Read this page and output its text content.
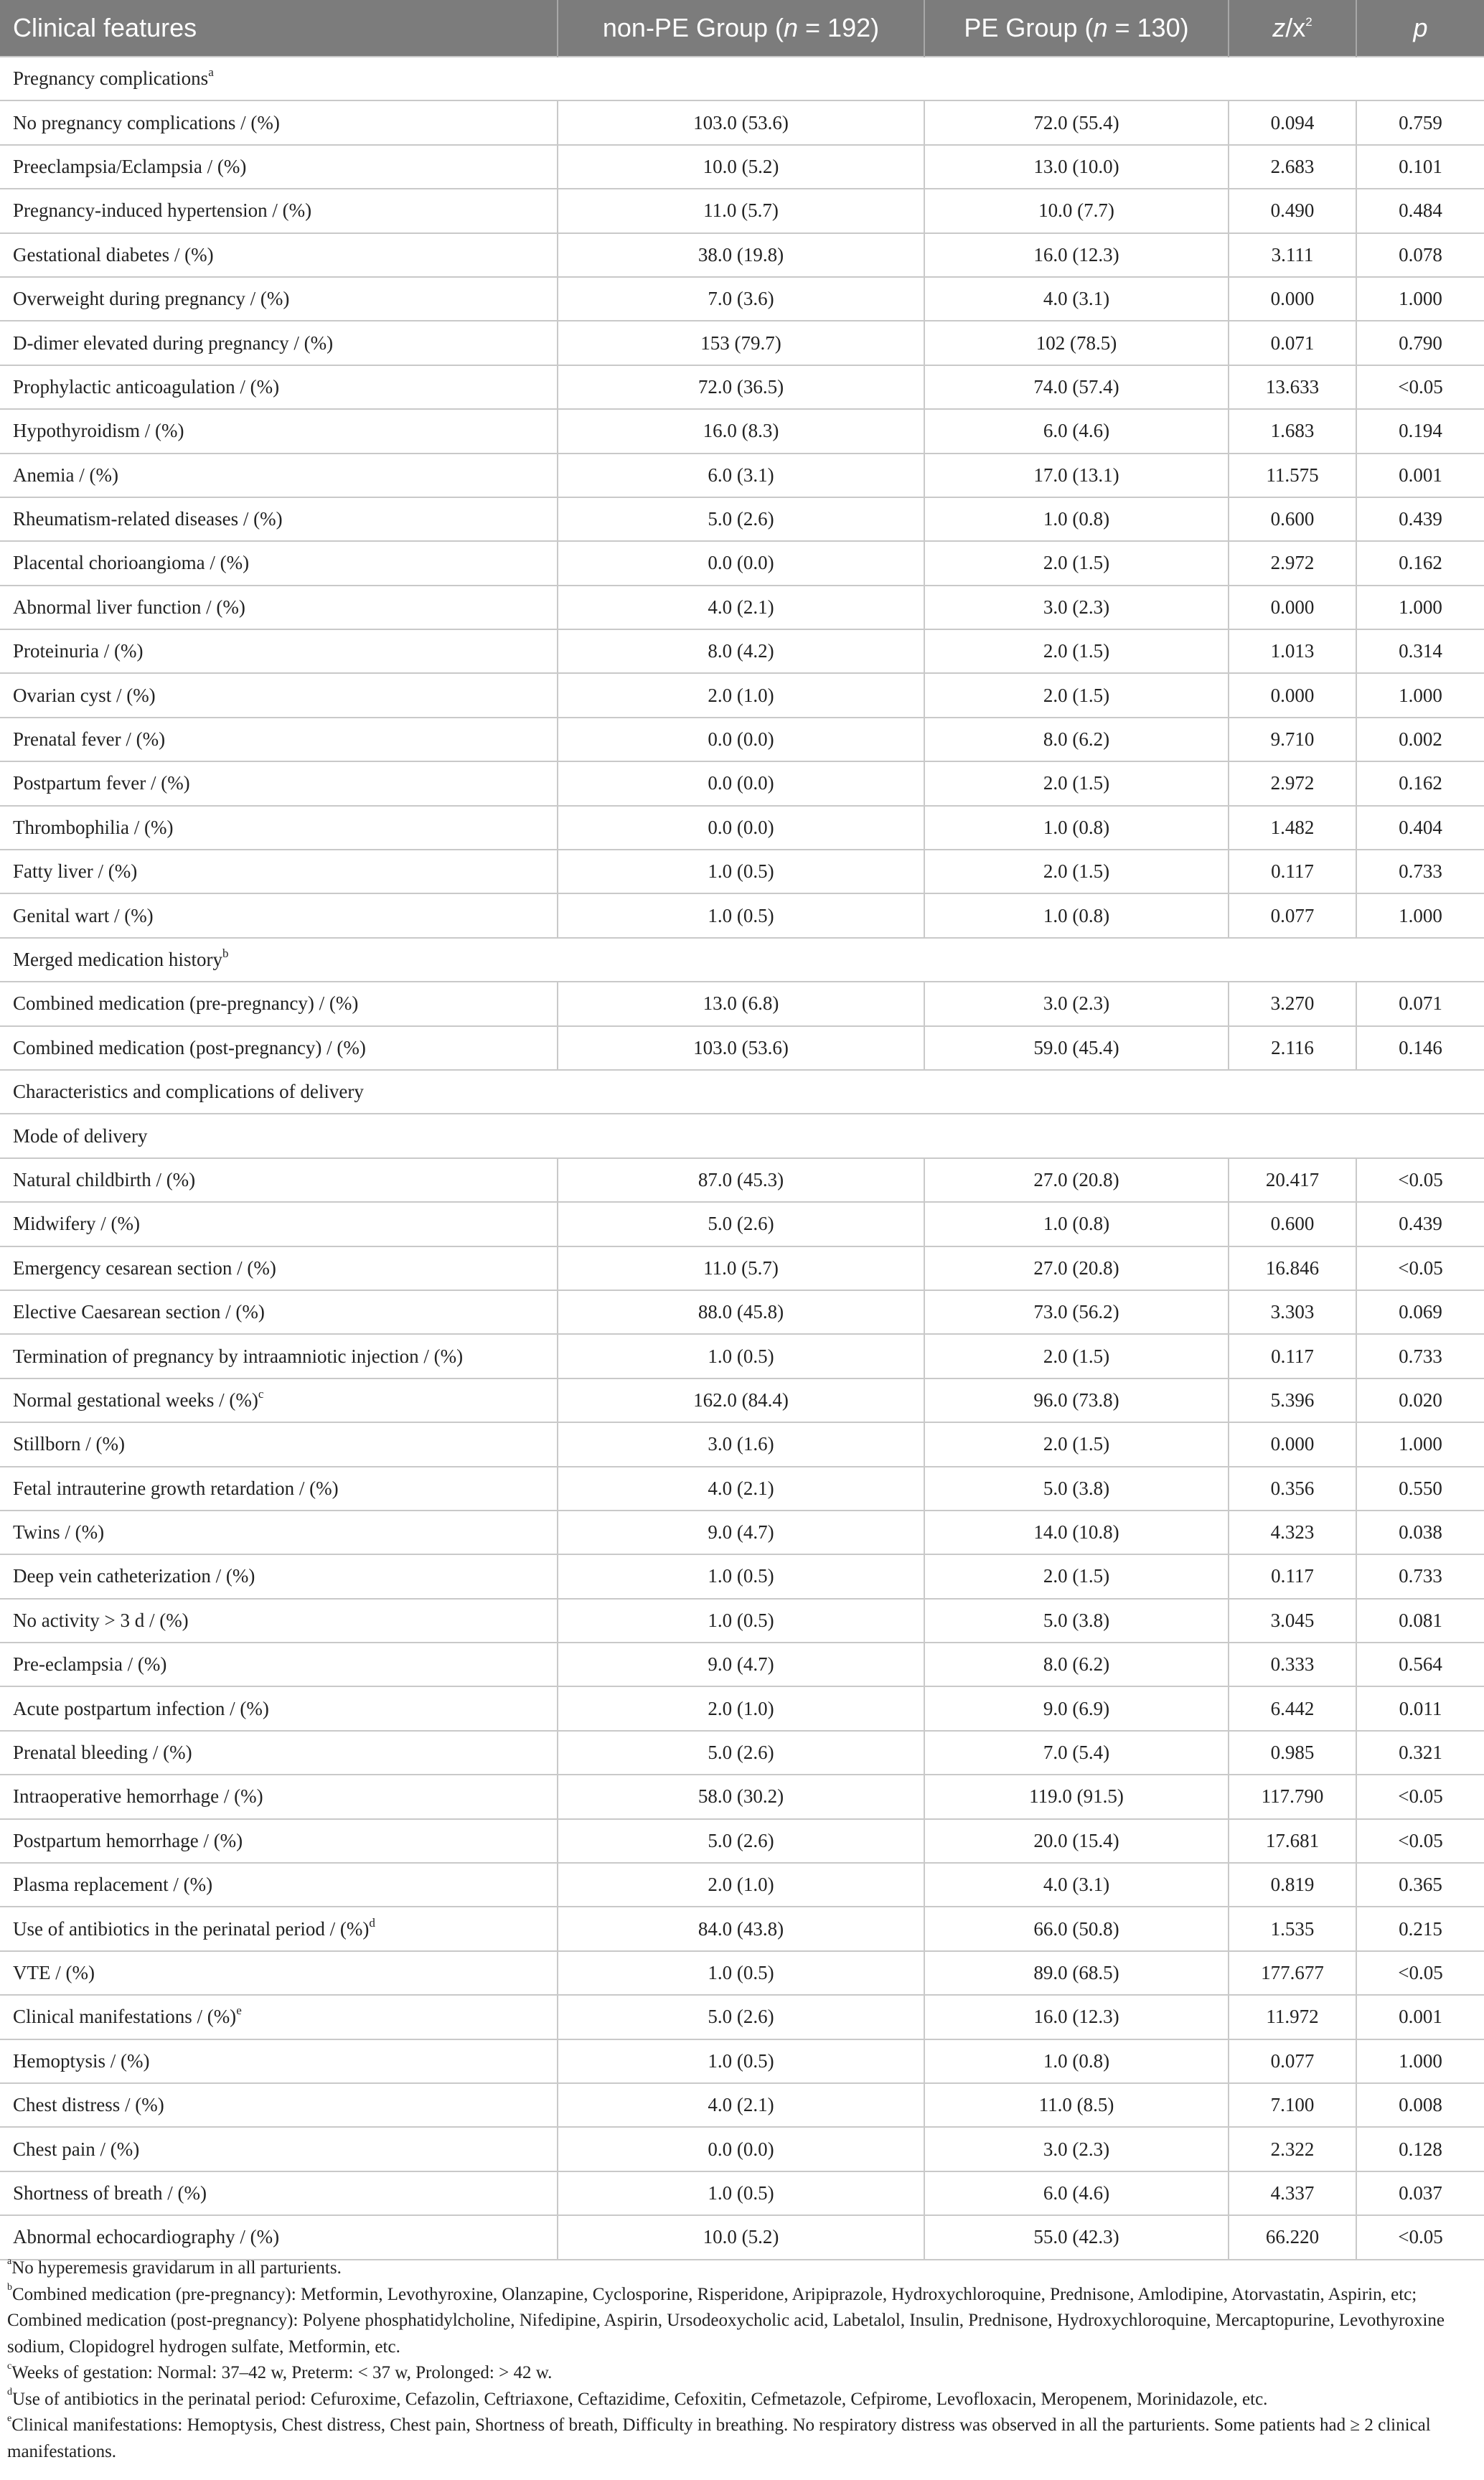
Clinical features	non-PE Group (n = 192)	PE Group (n = 130)	$z/x^2$	p
Pregnancy complications$^a$
No pregnancy complications / (%)	103.0 (53.6)	72.0 (55.4)	0.094	0.759
Preeclampsia/Eclampsia / (%)	10.0 (5.2)	13.0 (10.0)	2.683	0.101
Pregnancy-induced hypertension / (%)	11.0 (5.7)	10.0 (7.7)	0.490	0.484
Gestational diabetes / (%)	38.0 (19.8)	16.0 (12.3)	3.111	0.078
Overweight during pregnancy / (%)	7.0 (3.6)	4.0 (3.1)	0.000	1.000
D-dimer elevated during pregnancy / (%)	153 (79.7)	102 (78.5)	0.071	0.790
Prophylactic anticoagulation / (%)	72.0 (36.5)	74.0 (57.4)	13.633	<0.05
Hypothyroidism / (%)	16.0 (8.3)	6.0 (4.6)	1.683	0.194
Anemia / (%)	6.0 (3.1)	17.0 (13.1)	11.575	0.001
Rheumatism-related diseases / (%)	5.0 (2.6)	1.0 (0.8)	0.600	0.439
Placental chorioangioma / (%)	0.0 (0.0)	2.0 (1.5)	2.972	0.162
Abnormal liver function / (%)	4.0 (2.1)	3.0 (2.3)	0.000	1.000
Proteinuria / (%)	8.0 (4.2)	2.0 (1.5)	1.013	0.314
Ovarian cyst / (%)	2.0 (1.0)	2.0 (1.5)	0.000	1.000
Prenatal fever / (%)	0.0 (0.0)	8.0 (6.2)	9.710	0.002
Postpartum fever / (%)	0.0 (0.0)	2.0 (1.5)	2.972	0.162
Thrombophilia / (%)	0.0 (0.0)	1.0 (0.8)	1.482	0.404
Fatty liver / (%)	1.0 (0.5)	2.0 (1.5)	0.117	0.733
Genital wart / (%)	1.0 (0.5)	1.0 (0.8)	0.077	1.000
Merged medication history$^b$
Combined medication (pre-pregnancy) / (%)	13.0 (6.8)	3.0 (2.3)	3.270	0.071
Combined medication (post-pregnancy) / (%)	103.0 (53.6)	59.0 (45.4)	2.116	0.146
Characteristics and complications of delivery				
Mode of delivery				
Natural childbirth / (%)	87.0 (45.3)	27.0 (20.8)	20.417	<0.05
Midwifery / (%)	5.0 (2.6)	1.0 (0.8)	0.600	0.439
Emergency cesarean section / (%)	11.0 (5.7)	27.0 (20.8)	16.846	<0.05
Elective Caesarean section / (%)	88.0 (45.8)	73.0 (56.2)	3.303	0.069
Termination of pregnancy by intraamniotic injection / (%)	1.0 (0.5)	2.0 (1.5)	0.117	0.733
Normal gestational weeks / (%)$^c$	162.0 (84.4)	96.0 (73.8)	5.396	0.020
Stillborn / (%)	3.0 (1.6)	2.0 (1.5)	0.000	1.000
Fetal intrauterine growth retardation / (%)	4.0 (2.1)	5.0 (3.8)	0.356	0.550
Twins / (%)	9.0 (4.7)	14.0 (10.8)	4.323	0.038
Deep vein catheterization / (%)	1.0 (0.5)	2.0 (1.5)	0.117	0.733
No activity > 3 d / (%)	1.0 (0.5)	5.0 (3.8)	3.045	0.081
Pre-eclampsia / (%)	9.0 (4.7)	8.0 (6.2)	0.333	0.564
Acute postpartum infection / (%)	2.0 (1.0)	9.0 (6.9)	6.442	0.011
Prenatal bleeding / (%)	5.0 (2.6)	7.0 (5.4)	0.985	0.321
Intraoperative hemorrhage / (%)	58.0 (30.2)	119.0 (91.5)	117.790	<0.05
Postpartum hemorrhage / (%)	5.0 (2.6)	20.0 (15.4)	17.681	<0.05
Plasma replacement / (%)	2.0 (1.0)	4.0 (3.1)	0.819	0.365
Use of antibiotics in the perinatal period / (%)$^d$	84.0 (43.8)	66.0 (50.8)	1.535	0.215
VTE / (%)	1.0 (0.5)	89.0 (68.5)	177.677	<0.05
Clinical manifestations / (%)$^e$	5.0 (2.6)	16.0 (12.3)	11.972	0.001
Hemoptysis / (%)	1.0 (0.5)	1.0 (0.8)	0.077	1.000
Chest distress / (%)	4.0 (2.1)	11.0 (8.5)	7.100	0.008
Chest pain / (%)	0.0 (0.0)	3.0 (2.3)	2.322	0.128
Shortness of breath / (%)	1.0 (0.5)	6.0 (4.6)	4.337	0.037
Abnormal echocardiography / (%)	10.0 (5.2)	55.0 (42.3)	66.220	<0.05

$^a$No hyperemesis gravidarum in all parturients.

$^b$Combined medication (pre-pregnancy): Metformin, Levothyroxine, Olanzapine, Cyclosporine, Risperidone, Aripiprazole, Hydroxychloroquine, Prednisone, Amlodipine, Atorvastatin, Aspirin, etc; Combined medication (post-pregnancy): Polyene phosphatidylcholine, Nifedipine, Aspirin, Ursodeoxycholic acid, Labetalol, Insulin, Prednisone, Hydroxychloroquine, Mercaptopurine, Levothyroxine sodium, Clopidogrel hydrogen sulfate, Metformin, etc.

$^c$Weeks of gestation: Normal: 37–42 w, Preterm: < 37 w, Prolonged: > 42 w.

$^d$Use of antibiotics in the perinatal period: Cefuroxime, Cefazolin, Ceftriaxone, Ceftazidime, Cefoxitin, Cefmetazole, Cefpirome, Levofloxacin, Meropenem, Morinidazole, etc.

$^e$Clinical manifestations: Hemoptysis, Chest distress, Chest pain, Shortness of breath, Difficulty in breathing. No respiratory distress was observed in all the parturients. Some patients had ≥ 2 clinical manifestations.
